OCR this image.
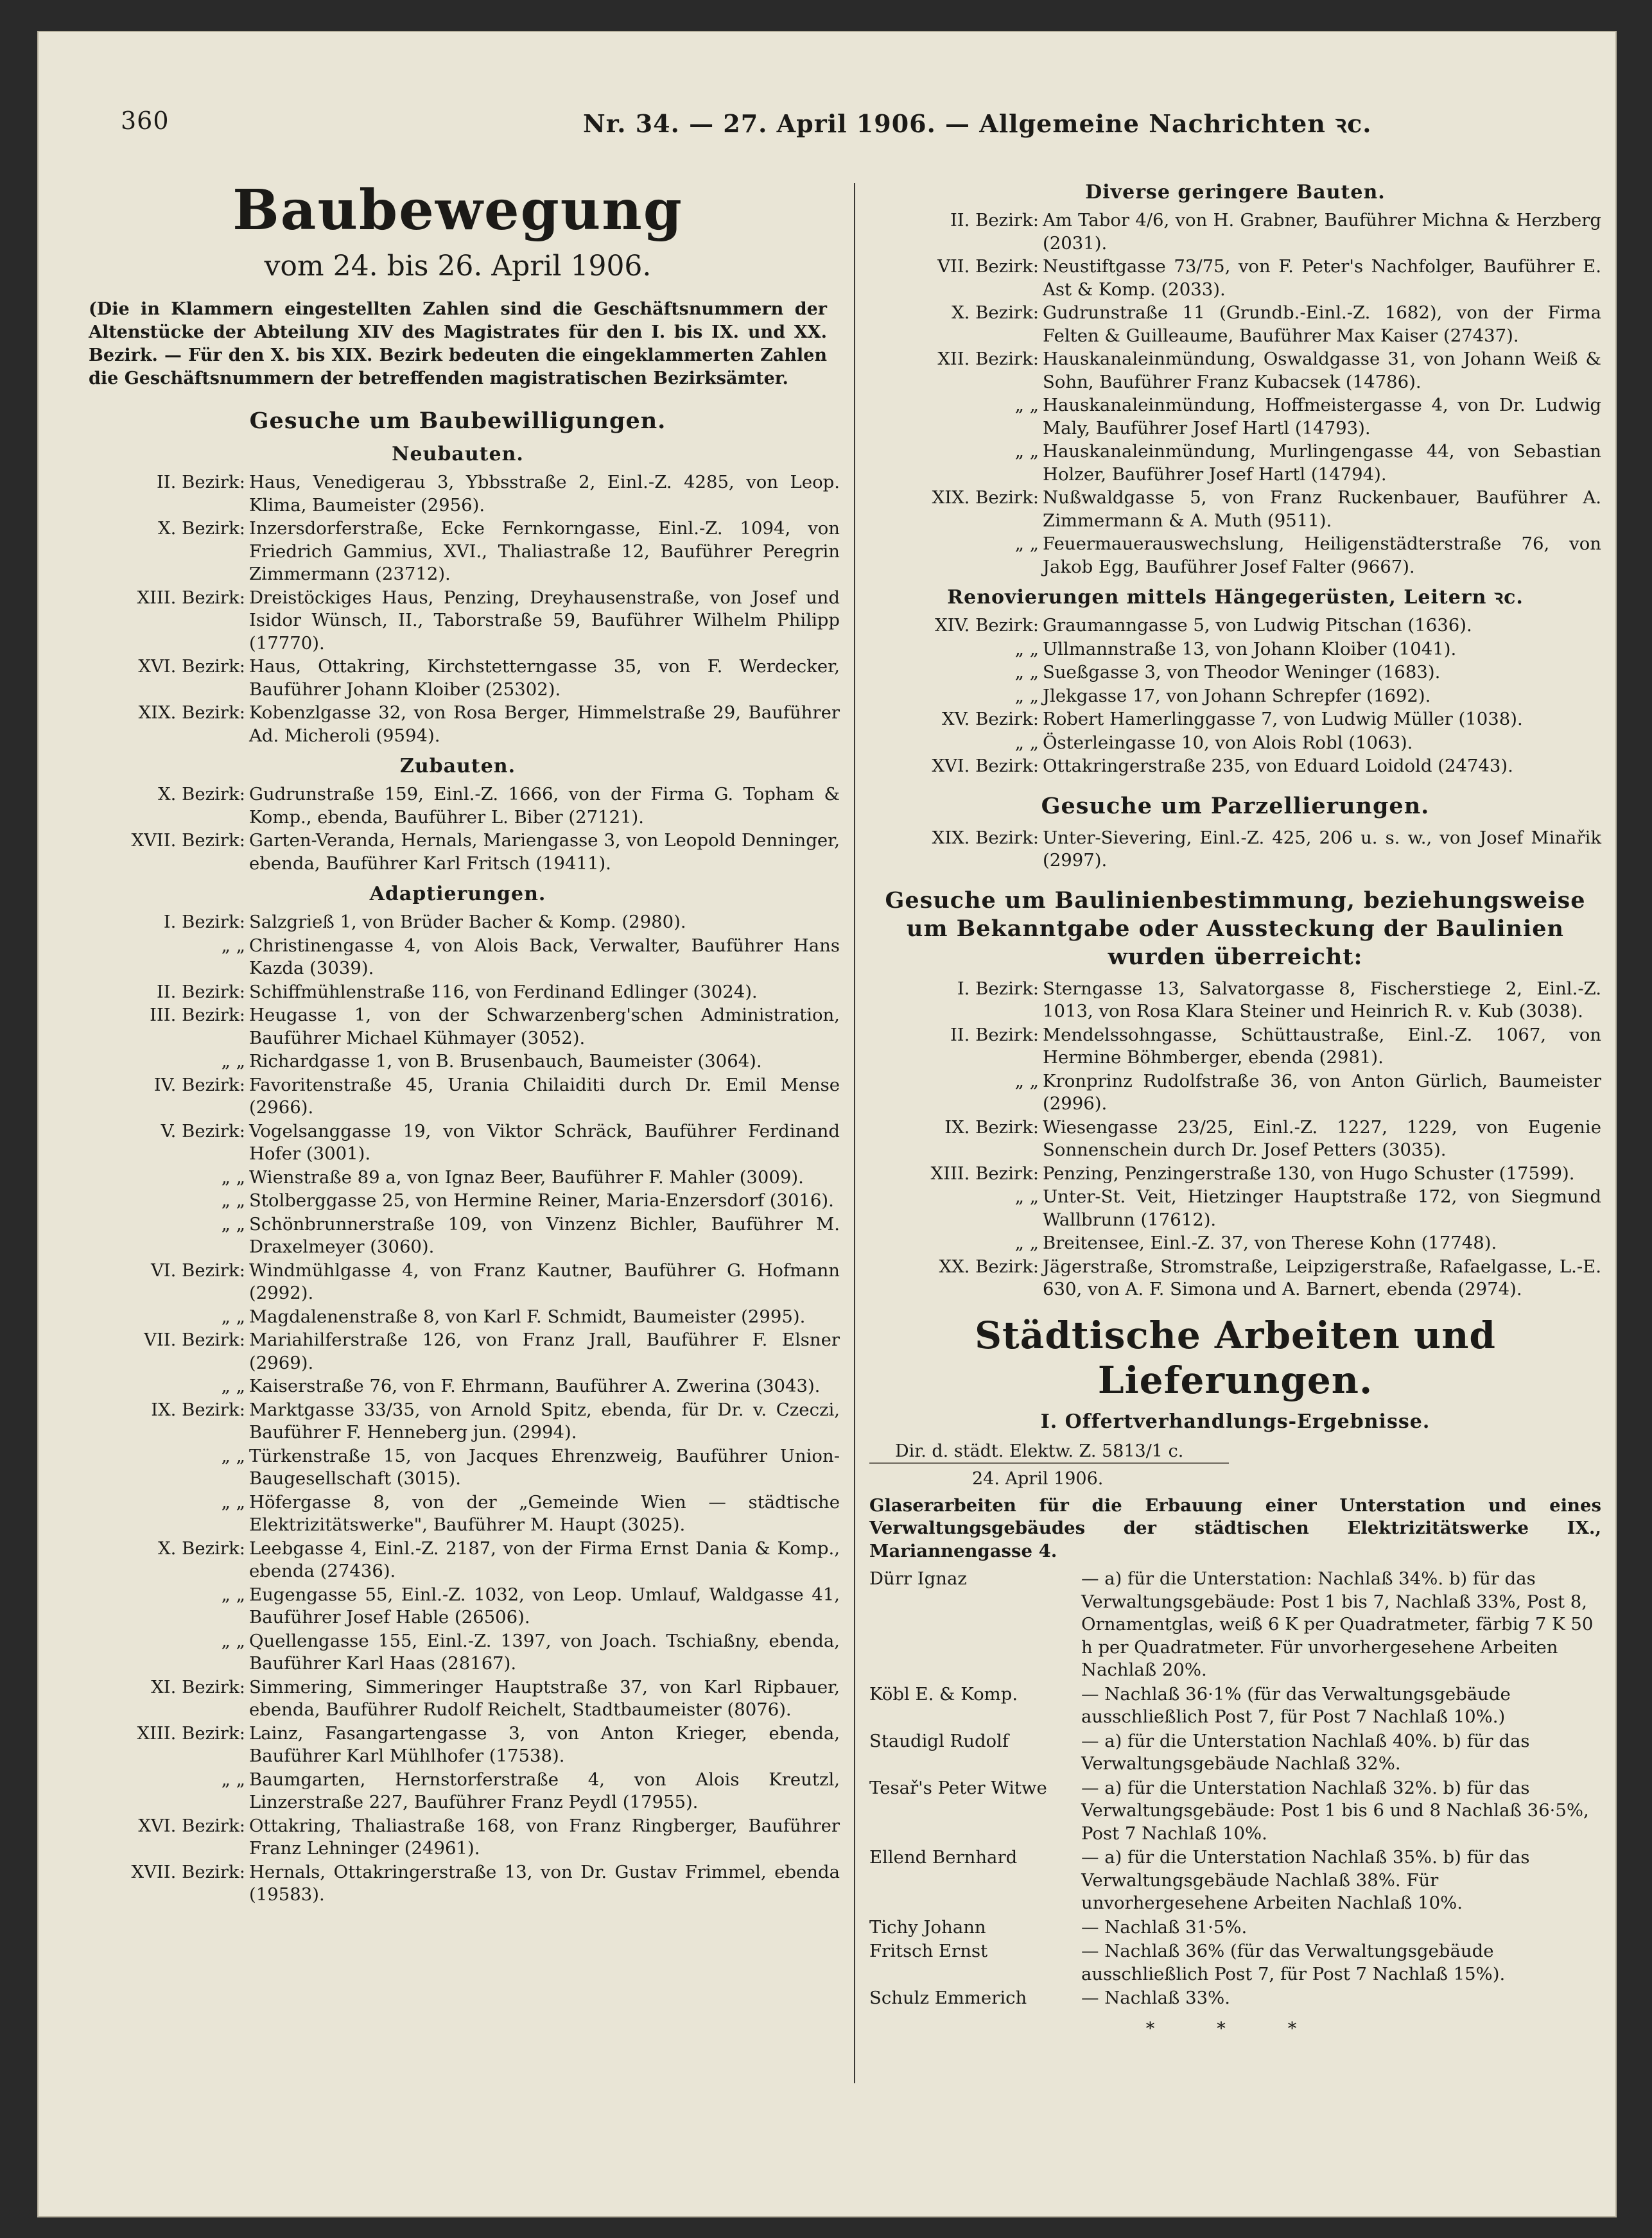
360	Nr. 34. — 27. April 1906. — Allgemeine Nachrichten ꝛc.
Baubewegung
vom 24. bis 26. April 1906.
(Die in Klammern eingestellten Zahlen sind die Geschäftsnummern der Altenstücke der Abteilung XIV des Magistrates für den I. bis IX. und XX. Bezirk. — Für den X. bis XIX. Bezirk bedeuten die eingeklammerten Zahlen die Geschäftsnummern der betreffenden magistratischen Bezirksämter.
Gesuche um Baubewilligungen.
Neubauten.
II. Bezirk: Haus, Venedigerau 3, Ybbsstraße 2, Einl.-Z. 4285, von Leop. Klima, Baumeister (2956).
X. Bezirk: Inzersdorferstraße, Ecke Fernkorngasse, Einl.-Z. 1094, von Friedrich Gammius, XVI., Thaliastraße 12, Bauführer Peregrin Zimmermann (23712).
XIII. Bezirk: Dreistöckiges Haus, Penzing, Dreyhausenstraße, von Josef und Isidor Wünsch, II., Taborstraße 59, Bauführer Wilhelm Philipp (17770).
XVI. Bezirk: Haus, Ottakring, Kirchstetterngasse 35, von F. Werdecker, Bauführer Johann Kloiber (25302).
XIX. Bezirk: Kobenzlgasse 32, von Rosa Berger, Himmelstraße 29, Bauführer Ad. Micheroli (9594).
Zubauten.
X. Bezirk: Gudrunstraße 159, Einl.-Z. 1666, von der Firma G. Topham & Komp., ebenda, Bauführer L. Biber (27121).
XVII. Bezirk: Garten-Veranda, Hernals, Mariengasse 3, von Leopold Denninger, ebenda, Bauführer Karl Fritsch (19411).
Adaptierungen.
I. Bezirk: Salzgrieß 1, von Brüder Bacher & Komp. (2980).
„ „ Christinengasse 4, von Alois Back, Verwalter, Bauführer Hans Kazda (3039).
II. Bezirk: Schiffmühlenstraße 116, von Ferdinand Edlinger (3024).
III. Bezirk: Heugasse 1, von der Schwarzenberg'schen Administration, Bauführer Michael Kühmayer (3052).
„ „ Richardgasse 1, von B. Brusenbauch, Baumeister (3064).
IV. Bezirk: Favoritenstraße 45, Urania Chilaiditi durch Dr. Emil Mense (2966).
V. Bezirk: Vogelsanggasse 19, von Viktor Schräck, Bauführer Ferdinand Hofer (3001).
„ „ Wienstraße 89 a, von Ignaz Beer, Bauführer F. Mahler (3009).
„ „ Stolberggasse 25, von Hermine Reiner, Maria-Enzersdorf (3016).
„ „ Schönbrunnerstraße 109, von Vinzenz Bichler, Bauführer M. Draxelmeyer (3060).
VI. Bezirk: Windmühlgasse 4, von Franz Kautner, Bauführer G. Hofmann (2992).
„ „ Magdalenenstraße 8, von Karl F. Schmidt, Baumeister (2995).
VII. Bezirk: Mariahilferstraße 126, von Franz Jrall, Bauführer F. Elsner (2969).
„ „ Kaiserstraße 76, von F. Ehrmann, Bauführer A. Zwerina (3043).
IX. Bezirk: Marktgasse 33/35, von Arnold Spitz, ebenda, für Dr. v. Czeczi, Bauführer F. Henneberg jun. (2994).
„ „ Türkenstraße 15, von Jacques Ehrenzweig, Bauführer Union-Baugesellschaft (3015).
„ „ Höfergasse 8, von der „Gemeinde Wien — städtische Elektrizitätswerke", Bauführer M. Haupt (3025).
X. Bezirk: Leebgasse 4, Einl.-Z. 2187, von der Firma Ernst Dania & Komp., ebenda (27436).
„ „ Eugengasse 55, Einl.-Z. 1032, von Leop. Umlauf, Waldgasse 41, Bauführer Josef Hable (26506).
„ „ Quellengasse 155, Einl.-Z. 1397, von Joach. Tschiaßny, ebenda, Bauführer Karl Haas (28167).
XI. Bezirk: Simmering, Simmeringer Hauptstraße 37, von Karl Ripbauer, ebenda, Bauführer Rudolf Reichelt, Stadtbaumeister (8076).
XIII. Bezirk: Lainz, Fasangartengasse 3, von Anton Krieger, ebenda, Bauführer Karl Mühlhofer (17538).
„ „ Baumgarten, Hernstorferstraße 4, von Alois Kreutzl, Linzerstraße 227, Bauführer Franz Peydl (17955).
XVI. Bezirk: Ottakring, Thaliastraße 168, von Franz Ringberger, Bauführer Franz Lehninger (24961).
XVII. Bezirk: Hernals, Ottakringerstraße 13, von Dr. Gustav Frimmel, ebenda (19583).
Diverse geringere Bauten.
II. Bezirk: Am Tabor 4/6, von H. Grabner, Bauführer Michna & Herzberg (2031).
VII. Bezirk: Neustiftgasse 73/75, von F. Peter's Nachfolger, Bauführer E. Ast & Komp. (2033).
X. Bezirk: Gudrunstraße 11 (Grundb.-Einl.-Z. 1682), von der Firma Felten & Guilleaume, Bauführer Max Kaiser (27437).
XII. Bezirk: Hauskanaleinmündung, Oswaldgasse 31, von Johann Weiß & Sohn, Bauführer Franz Kubacsek (14786).
„ „ Hauskanaleinmündung, Hoffmeistergasse 4, von Dr. Ludwig Maly, Bauführer Josef Hartl (14793).
„ „ Hauskanaleinmündung, Murlingengasse 44, von Sebastian Holzer, Bauführer Josef Hartl (14794).
XIX. Bezirk: Nußwaldgasse 5, von Franz Ruckenbauer, Bauführer A. Zimmermann & A. Muth (9511).
„ „ Feuermauerauswechslung, Heiligenstädterstraße 76, von Jakob Egg, Bauführer Josef Falter (9667).
Renovierungen mittels Hängegerüsten, Leitern ꝛc.
XIV. Bezirk: Graumanngasse 5, von Ludwig Pitschan (1636).
„ „ Ullmannstraße 13, von Johann Kloiber (1041).
„ „ Sueßgasse 3, von Theodor Weninger (1683).
„ „ Jlekgasse 17, von Johann Schrepfer (1692).
XV. Bezirk: Robert Hamerlinggasse 7, von Ludwig Müller (1038).
„ „ Österleingasse 10, von Alois Robl (1063).
XVI. Bezirk: Ottakringerstraße 235, von Eduard Loidold (24743).
Gesuche um Parzellierungen.
XIX. Bezirk: Unter-Sievering, Einl.-Z. 425, 206 u. s. w., von Josef Minařik (2997).
Gesuche um Baulinienbestimmung, beziehungsweise um Bekanntgabe oder Aussteckung der Baulinien wurden überreicht:
I. Bezirk: Sterngasse 13, Salvatorgasse 8, Fischerstiege 2, Einl.-Z. 1013, von Rosa Klara Steiner und Heinrich R. v. Kub (3038).
II. Bezirk: Mendelssohngasse, Schüttaustraße, Einl.-Z. 1067, von Hermine Böhmberger, ebenda (2981).
„ „ Kronprinz Rudolfstraße 36, von Anton Gürlich, Baumeister (2996).
IX. Bezirk: Wiesengasse 23/25, Einl.-Z. 1227, 1229, von Eugenie Sonnenschein durch Dr. Josef Petters (3035).
XIII. Bezirk: Penzing, Penzingerstraße 130, von Hugo Schuster (17599).
„ „ Unter-St. Veit, Hietzinger Hauptstraße 172, von Siegmund Wallbrunn (17612).
„ „ Breitensee, Einl.-Z. 37, von Therese Kohn (17748).
XX. Bezirk: Jägerstraße, Stromstraße, Leipzigerstraße, Rafaelgasse, L.-E. 630, von A. F. Simona und A. Barnert, ebenda (2974).
Städtische Arbeiten und Lieferungen.
I. Offertverhandlungs-Ergebnisse.
Dir. d. städt. Elektw. Z. 5813/1 c.
24. April 1906.
Glaserarbeiten für die Erbauung einer Unterstation und eines Verwaltungsgebäudes der städtischen Elektrizitätswerke IX., Mariannengasse 4.
Dürr Ignaz	— a) für die Unterstation: Nachlaß 34%. b) für das Verwaltungsgebäude: Post 1 bis 7, Nachlaß 33%, Post 8, Ornamentglas, weiß 6 K per Quadratmeter, färbig 7 K 50 h per Quadratmeter. Für unvorhergesehene Arbeiten Nachlaß 20%.
Köbl E. & Komp.	— Nachlaß 36·1% (für das Verwaltungsgebäude ausschließlich Post 7, für Post 7 Nachlaß 10%.)
Staudigl Rudolf	— a) für die Unterstation Nachlaß 40%. b) für das Verwaltungsgebäude Nachlaß 32%.
Tesař's Peter Witwe	— a) für die Unterstation Nachlaß 32%. b) für das Verwaltungsgebäude: Post 1 bis 6 und 8 Nachlaß 36·5%, Post 7 Nachlaß 10%.
Ellend Bernhard	— a) für die Unterstation Nachlaß 35%. b) für das Verwaltungsgebäude Nachlaß 38%. Für unvorhergesehene Arbeiten Nachlaß 10%.
Tichy Johann	— Nachlaß 31·5%.
Fritsch Ernst	— Nachlaß 36% (für das Verwaltungsgebäude ausschließlich Post 7, für Post 7 Nachlaß 15%).
Schulz Emmerich	— Nachlaß 33%.
* * *
